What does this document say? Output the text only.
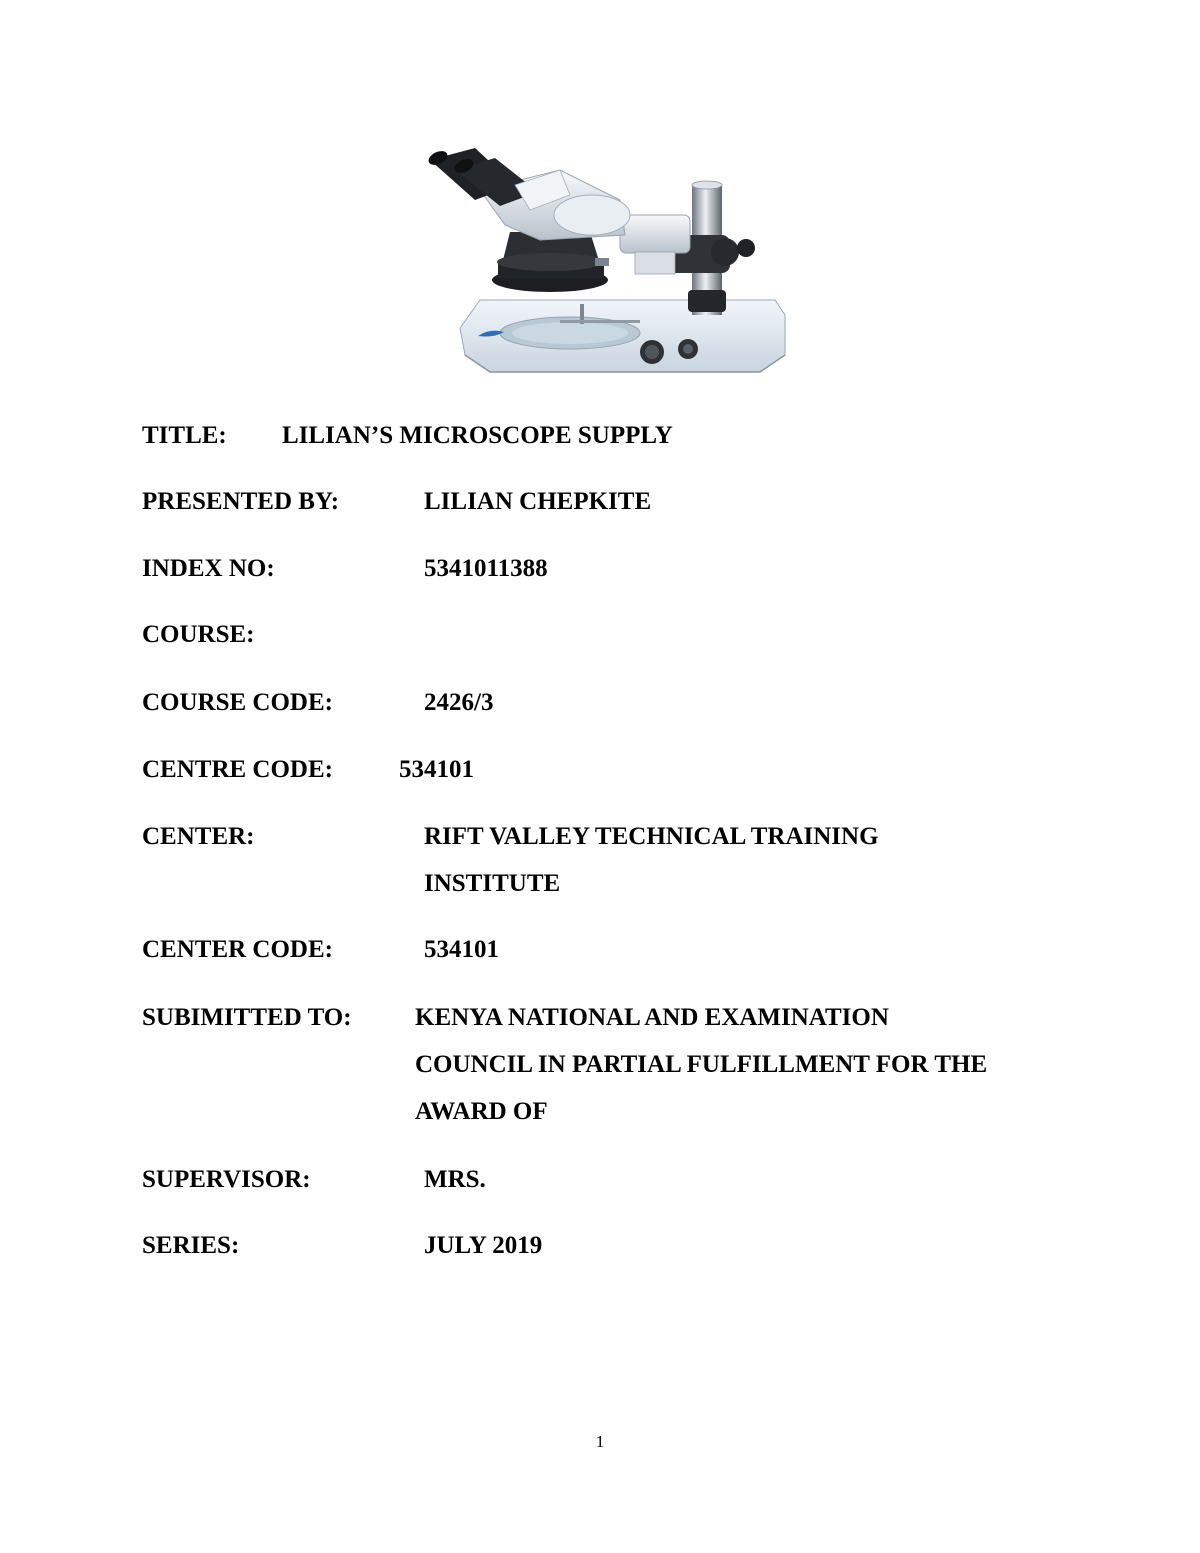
TITLE: LILIAN’S MICROSCOPE SUPPLY
PRESENTED BY:	LILIAN CHEPKITE
INDEX NO:	5341011388
COURSE:
COURSE CODE:	2426/3
CENTRE CODE:	534101
CENTER:	RIFT VALLEY TECHNICAL TRAINING
INSTITUTE
CENTER CODE:	534101
SUBIMITTED TO:	KENYA NATIONAL AND EXAMINATION
COUNCIL IN PARTIAL FULFILLMENT FOR THE
AWARD OF
SUPERVISOR:	MRS.
SERIES:	JULY 2019
1
